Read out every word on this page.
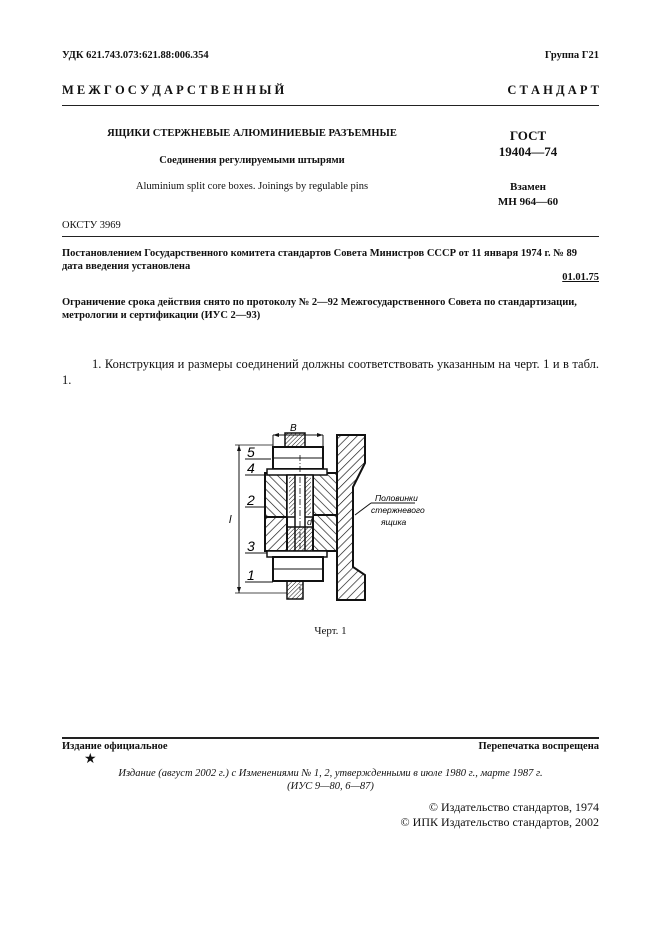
УДК 621.743.073:621.88:006.354	Группа Г21
М Е Ж Г О С У Д А Р С Т В Е Н Н Ы Й	С Т А Н Д А Р Т
ЯЩИКИ СТЕРЖНЕВЫЕ АЛЮМИНИЕВЫЕ РАЗЪЕМНЫЕ
Соединения регулируемыми штырями
Aluminium split core boxes. Joinings by regulable pins
ГОСТ
19404—74
Взамен
МН 964—60
ОКСТУ 3969
Постановлением Государственного комитета стандартов Совета Министров СССР от 11 января 1974 г. № 89 дата введения установлена
01.01.75
Ограничение срока действия снято по протоколу № 2—92 Межгосударственного Совета по стандартизации, метрологии и сертификации (ИУС 2—93)
1. Конструкция и размеры соединений должны соответствовать указанным на черт. 1 и в табл. 1.
B
l
5
4
2
3
1
d
Половинки
стержневого
ящика
Черт. 1
Издание официальное	Перепечатка воспрещена
★
Издание (август 2002 г.) с Изменениями № 1, 2, утвержденными в июле 1980 г., марте 1987 г.
(ИУС 9—80, 6—87)
© Издательство стандартов, 1974
© ИПК Издательство стандартов, 2002
